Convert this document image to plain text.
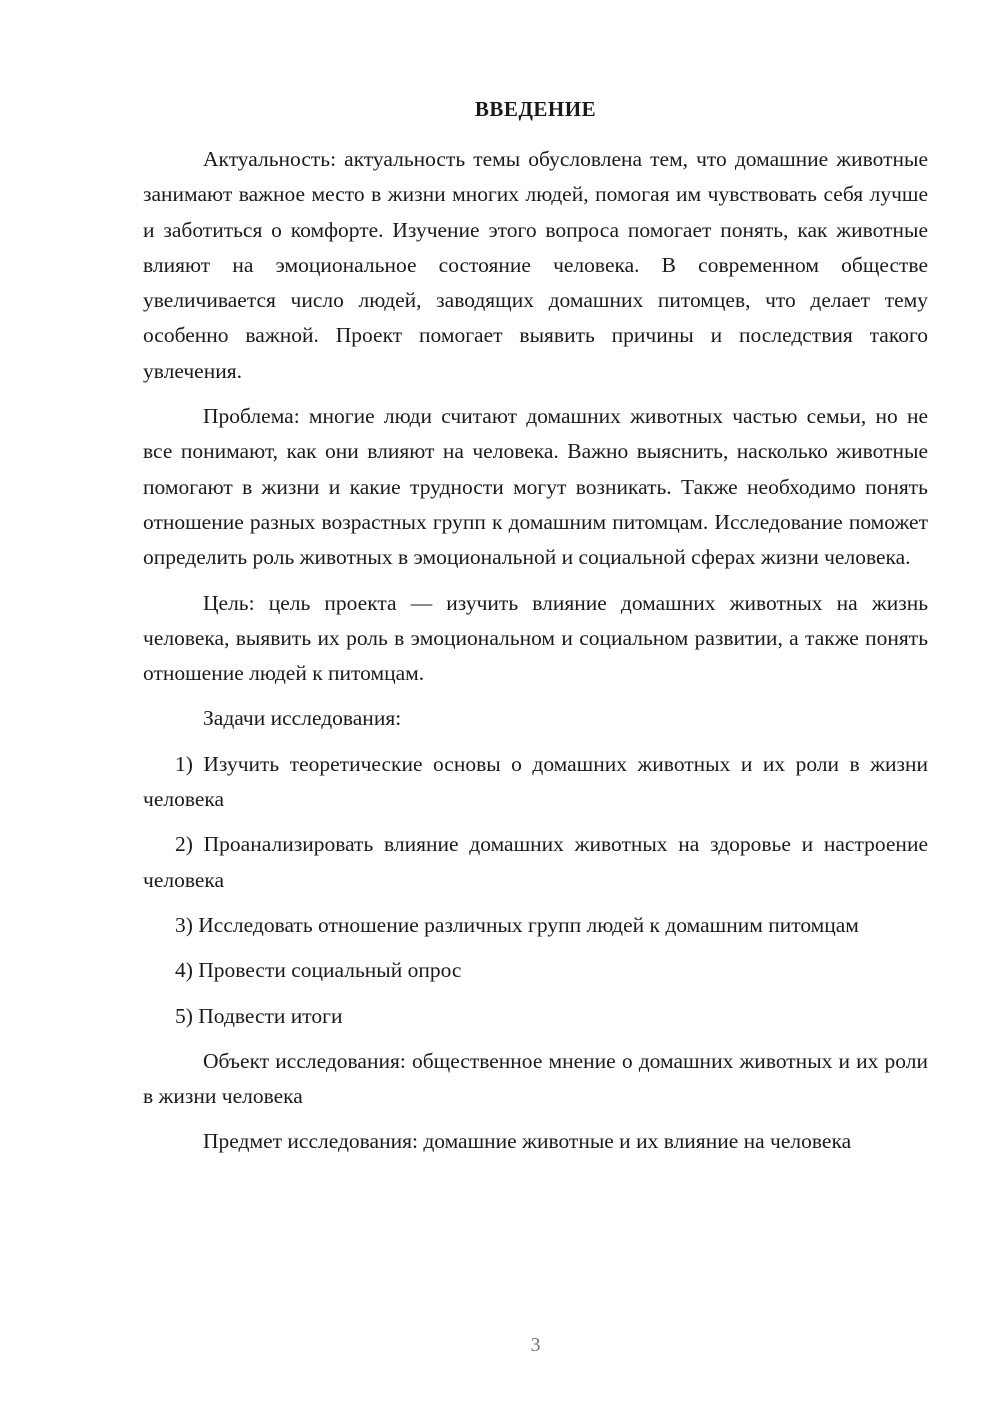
ВВЕДЕНИЕ

Актуальность: актуальность темы обусловлена тем, что домашние животные занимают важное место в жизни многих людей, помогая им чувствовать себя лучше и заботиться о комфорте. Изучение этого вопроса помогает понять, как животные влияют на эмоциональное состояние человека. В современном обществе увеличивается число людей, заводящих домашних питомцев, что делает тему особенно важной. Проект помогает выявить причины и последствия такого увлечения.

Проблема: многие люди считают домашних животных частью семьи, но не все понимают, как они влияют на человека. Важно выяснить, насколько животные помогают в жизни и какие трудности могут возникать. Также необходимо понять отношение разных возрастных групп к домашним питомцам. Исследование поможет определить роль животных в эмоциональной и социальной сферах жизни человека.

Цель: цель проекта — изучить влияние домашних животных на жизнь человека, выявить их роль в эмоциональном и социальном развитии, а также понять отношение людей к питомцам.

Задачи исследования:

1) Изучить теоретические основы о домашних животных и их роли в жизни человека

2) Проанализировать влияние домашних животных на здоровье и настроение человека

3) Исследовать отношение различных групп людей к домашним питомцам

4) Провести социальный опрос

5) Подвести итоги

Объект исследования: общественное мнение о домашних животных и их роли в жизни человека

Предмет исследования: домашние животные и их влияние на человека

3
